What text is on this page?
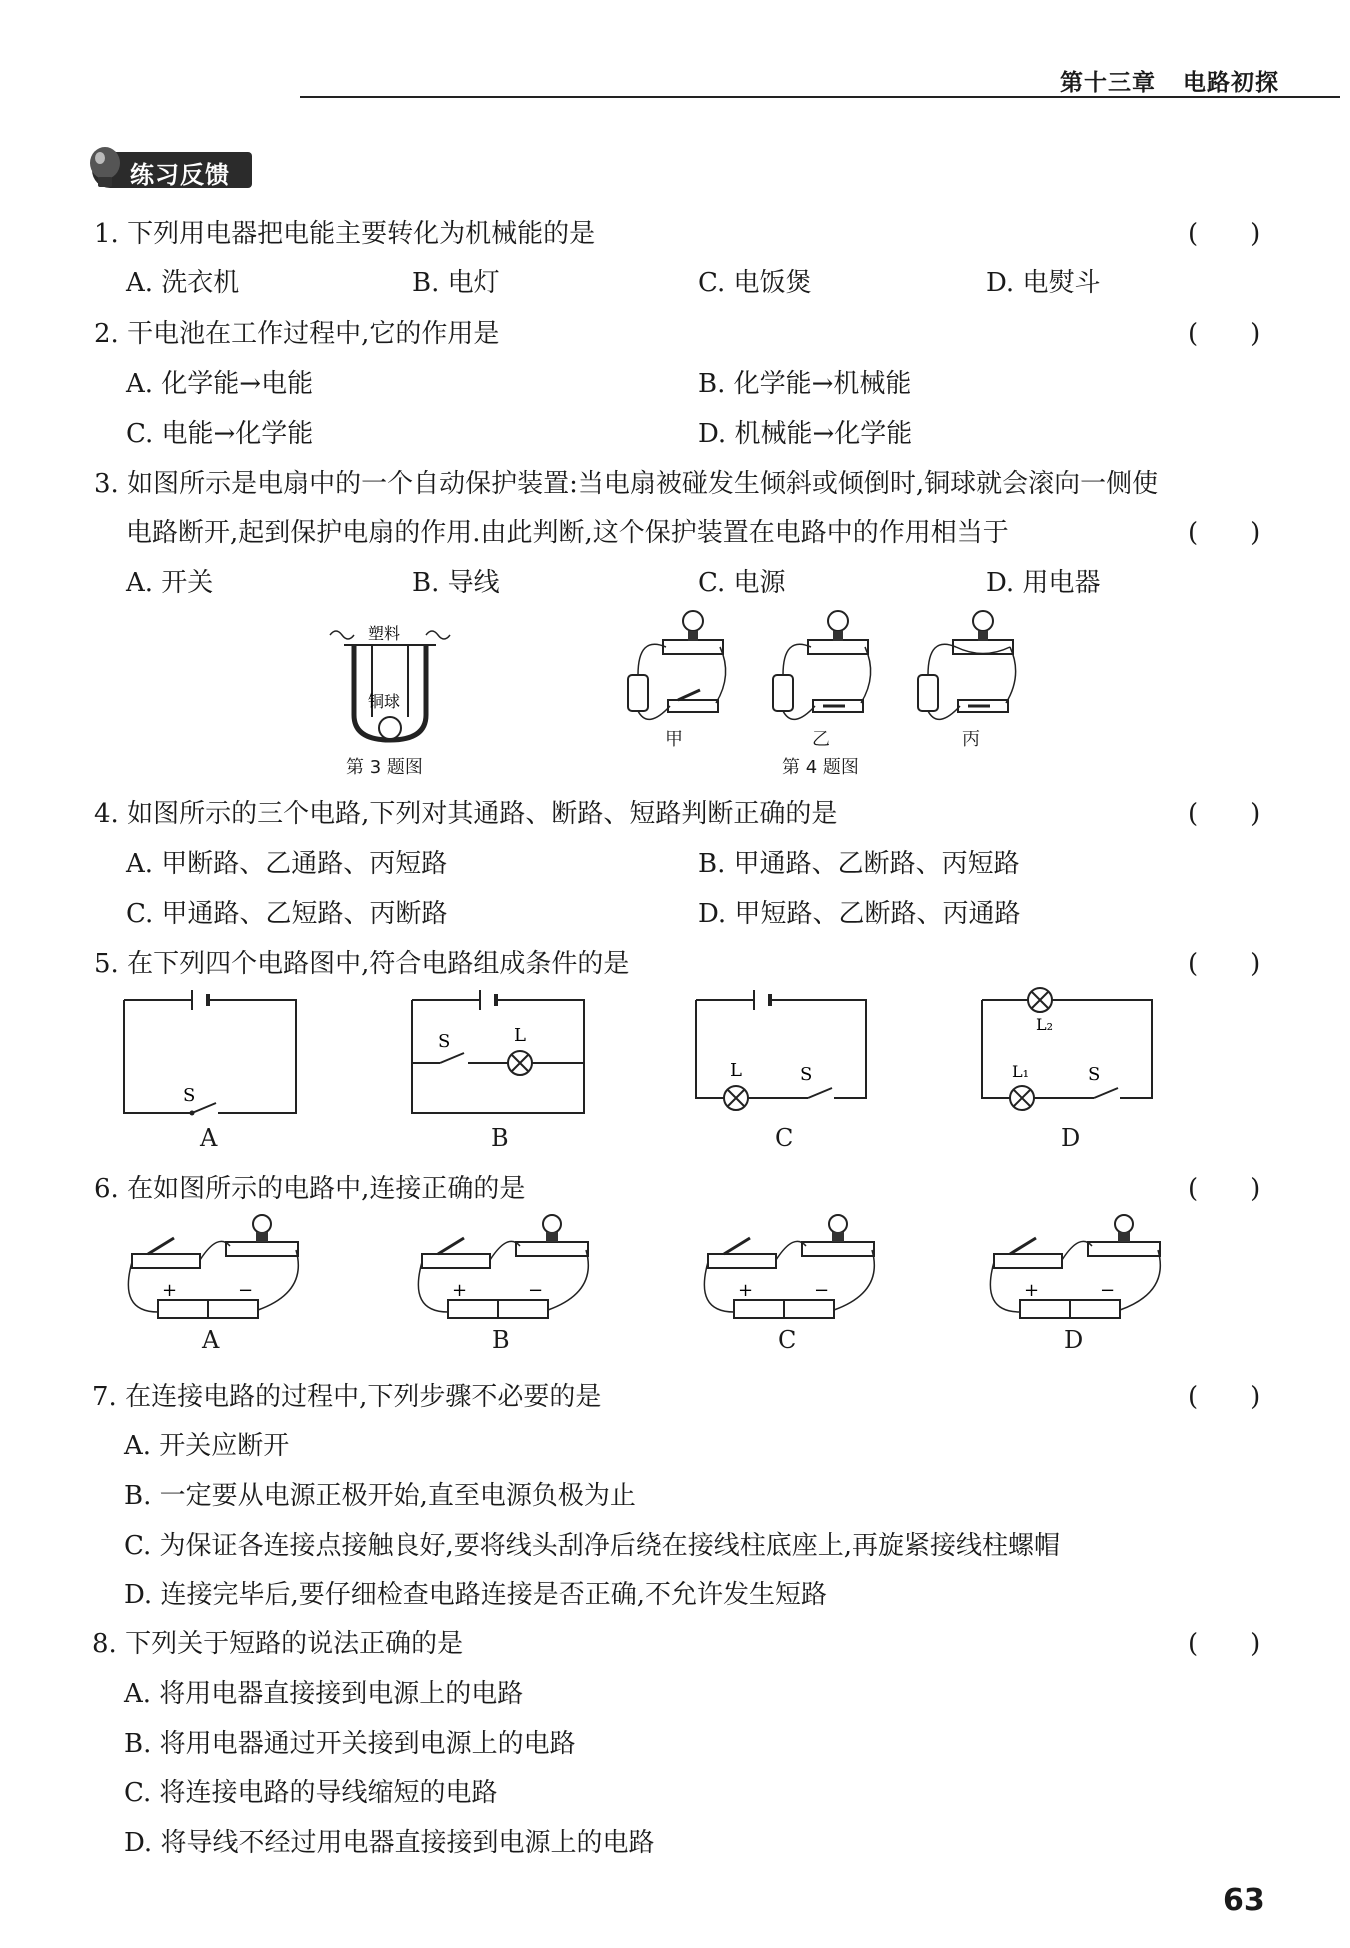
第十三章 电路初探
练习反馈
1. 下列用电器把电能主要转化为机械能的是	(　　)
A. 洗衣机	B. 电灯	C. 电饭煲	D. 电熨斗
2. 干电池在工作过程中,它的作用是	(　　)
A. 化学能→电能	B. 化学能→机械能
C. 电能→化学能	D. 机械能→化学能
3. 如图所示是电扇中的一个自动保护装置:当电扇被碰发生倾斜或倾倒时,铜球就会滚向一侧使
电路断开,起到保护电扇的作用.由此判断,这个保护装置在电路中的作用相当于	(　　)
A. 开关	B. 导线	C. 电源	D. 用电器
塑料
铜球
第 3 题图
甲	乙	丙
第 4 题图
4. 如图所示的三个电路,下列对其通路、断路、短路判断正确的是	(　　)
A. 甲断路、乙通路、丙短路	B. 甲通路、乙断路、丙短路
C. 甲通路、乙短路、丙断路	D. 甲短路、乙断路、丙通路
5. 在下列四个电路图中,符合电路组成条件的是	(　　)
S
S	L
L	S
L₂
L₁	S
A	B	C	D
6. 在如图所示的电路中,连接正确的是	(　　)
+	−	+	−	+	−	+	−
A	B	C	D
7. 在连接电路的过程中,下列步骤不必要的是	(　　)
A. 开关应断开
B. 一定要从电源正极开始,直至电源负极为止
C. 为保证各连接点接触良好,要将线头刮净后绕在接线柱底座上,再旋紧接线柱螺帽
D. 连接完毕后,要仔细检查电路连接是否正确,不允许发生短路
8. 下列关于短路的说法正确的是	(　　)
A. 将用电器直接接到电源上的电路
B. 将用电器通过开关接到电源上的电路
C. 将连接电路的导线缩短的电路
D. 将导线不经过用电器直接接到电源上的电路
63
